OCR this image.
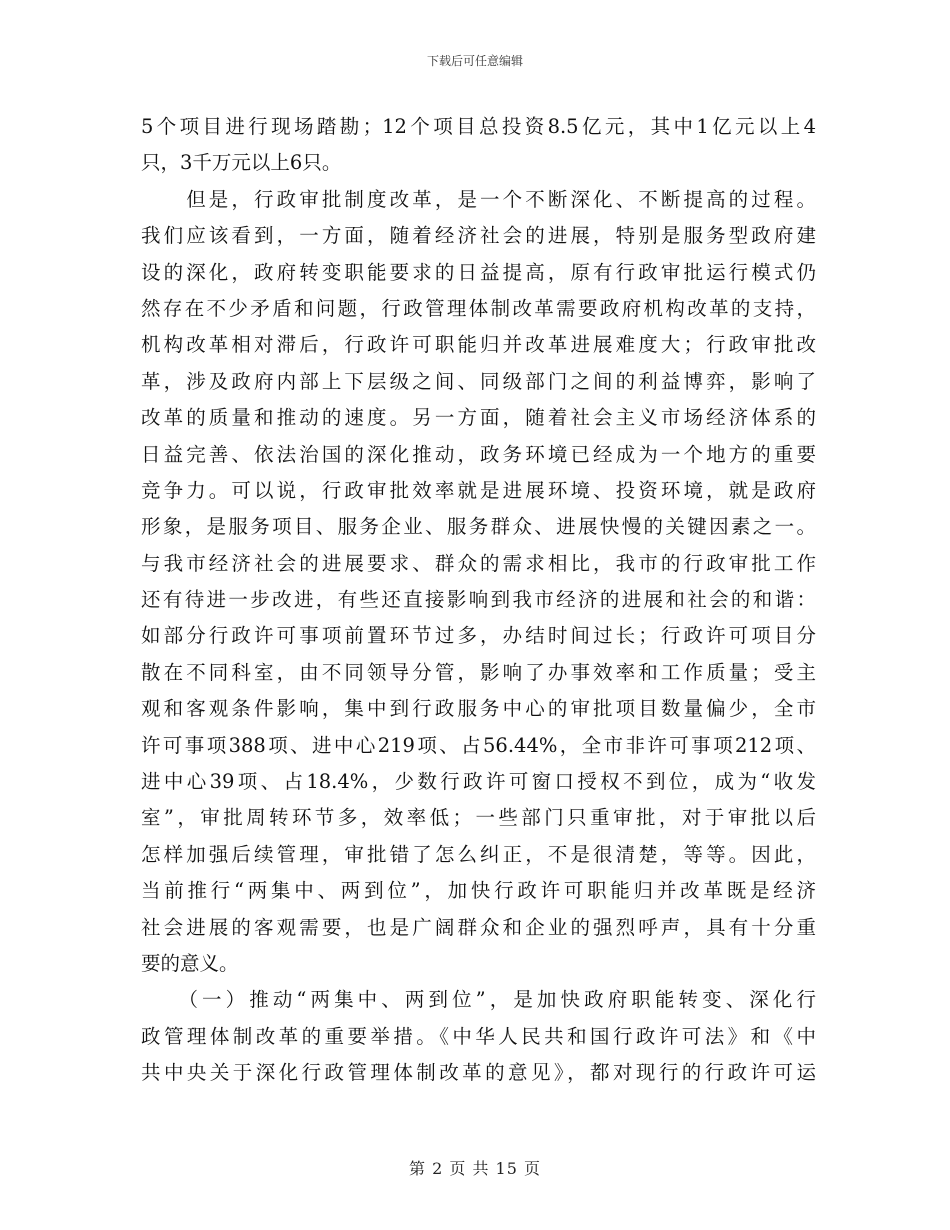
下载后可任意编辑
5个项目进行现场踏勘；12个项目总投资8.5亿元，其中1亿元以上4
只，3千万元以上6只。
　　但是，行政审批制度改革，是一个不断深化、不断提高的过程。
我们应该看到，一方面，随着经济社会的进展，特别是服务型政府建
设的深化，政府转变职能要求的日益提高，原有行政审批运行模式仍
然存在不少矛盾和问题，行政管理体制改革需要政府机构改革的支持，
机构改革相对滞后，行政许可职能归并改革进展难度大；行政审批改
革，涉及政府内部上下层级之间、同级部门之间的利益博弈，影响了
改革的质量和推动的速度。另一方面，随着社会主义市场经济体系的
日益完善、依法治国的深化推动，政务环境已经成为一个地方的重要
竞争力。可以说，行政审批效率就是进展环境、投资环境，就是政府
形象，是服务项目、服务企业、服务群众、进展快慢的关键因素之一。
与我市经济社会的进展要求、群众的需求相比，我市的行政审批工作
还有待进一步改进，有些还直接影响到我市经济的进展和社会的和谐：
如部分行政许可事项前置环节过多，办结时间过长；行政许可项目分
散在不同科室，由不同领导分管，影响了办事效率和工作质量；受主
观和客观条件影响，集中到行政服务中心的审批项目数量偏少，全市
许可事项388项、进中心219项、占56.44%，全市非许可事项212项、
进中心39项、占18.4%，少数行政许可窗口授权不到位，成为“收发
室”，审批周转环节多，效率低；一些部门只重审批，对于审批以后
怎样加强后续管理，审批错了怎么纠正，不是很清楚，等等。因此，
当前推行“两集中、两到位”，加快行政许可职能归并改革既是经济
社会进展的客观需要，也是广阔群众和企业的强烈呼声，具有十分重
要的意义。
　　（一）推动“两集中、两到位”，是加快政府职能转变、深化行
政管理体制改革的重要举措。《中华人民共和国行政许可法》和《中
共中央关于深化行政管理体制改革的意见》，都对现行的行政许可运
第 2 页 共 15 页
